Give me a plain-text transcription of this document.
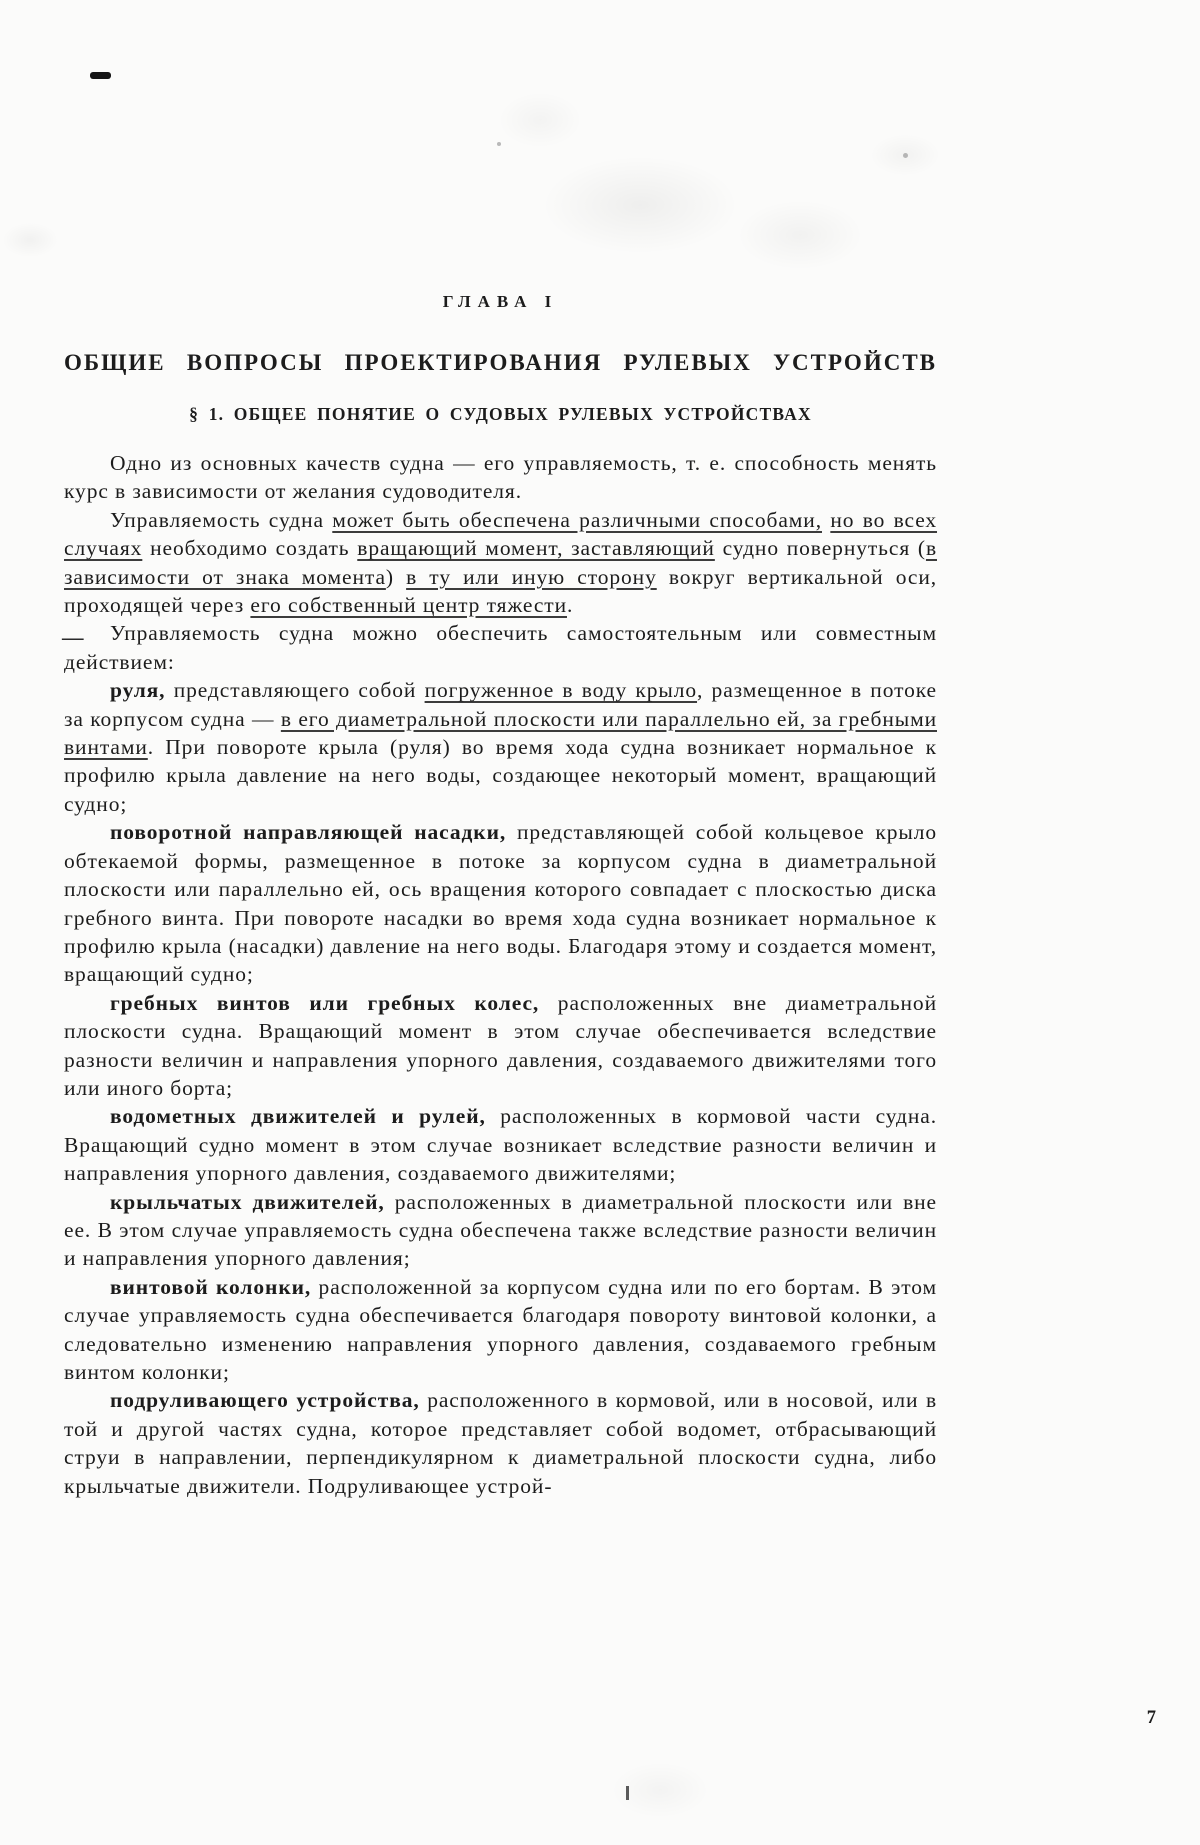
ГЛАВА I

ОБЩИЕ ВОПРОСЫ ПРОЕКТИРОВАНИЯ РУЛЕВЫХ УСТРОЙСТВ
§ 1. ОБЩЕЕ ПОНЯТИЕ О СУДОВЫХ РУЛЕВЫХ УСТРОЙСТВАХ

Одно из основных качеств судна — его управляемость, т. е. способность менять курс в зависимости от желания судоводителя.

Управляемость судна может быть обеспечена различными способами, но во всех случаях необходимо создать вращающий момент, заставляющий судно повернуться (в зависимости от знака момента) в ту или иную сторону вокруг вертикальной оси, проходящей через его собственный центр тяжести.

— Управляемость судна можно обеспечить самостоятельным или совместным действием:

руля, представляющего собой погруженное в воду крыло, размещенное в потоке за корпусом судна — в его диаметральной плоскости или параллельно ей, за гребными винтами. При повороте крыла (руля) во время хода судна возникает нормальное к профилю крыла давление на него воды, создающее некоторый момент, вращающий судно;

поворотной направляющей насадки, представляющей собой кольцевое крыло обтекаемой формы, размещенное в потоке за корпусом судна в диаметральной плоскости или параллельно ей, ось вращения которого совпадает с плоскостью диска гребного винта. При повороте насадки во время хода судна возникает нормальное к профилю крыла (насадки) давление на него воды. Благодаря этому и создается момент, вращающий судно;

гребных винтов или гребных колес, расположенных вне диаметральной плоскости судна. Вращающий момент в этом случае обеспечивается вследствие разности величин и направления упорного давления, создаваемого движителями того или иного борта;

водометных движителей и рулей, расположенных в кормовой части судна. Вращающий судно момент в этом случае возникает вследствие разности величин и направления упорного давления, создаваемого движителями;

крыльчатых движителей, расположенных в диаметральной плоскости или вне ее. В этом случае управляемость судна обеспечена также вследствие разности величин и направления упорного давления;

винтовой колонки, расположенной за корпусом судна или по его бортам. В этом случае управляемость судна обеспечивается благодаря повороту винтовой колонки, а следовательно изменению направления упорного давления, создаваемого гребным винтом колонки;

подруливающего устройства, расположенного в кормовой, или в носовой, или в той и другой частях судна, которое представляет собой водомет, отбрасывающий струи в направлении, перпендикулярном к диаметральной плоскости судна, либо крыльчатые движители. Подруливающее устрой-

7
